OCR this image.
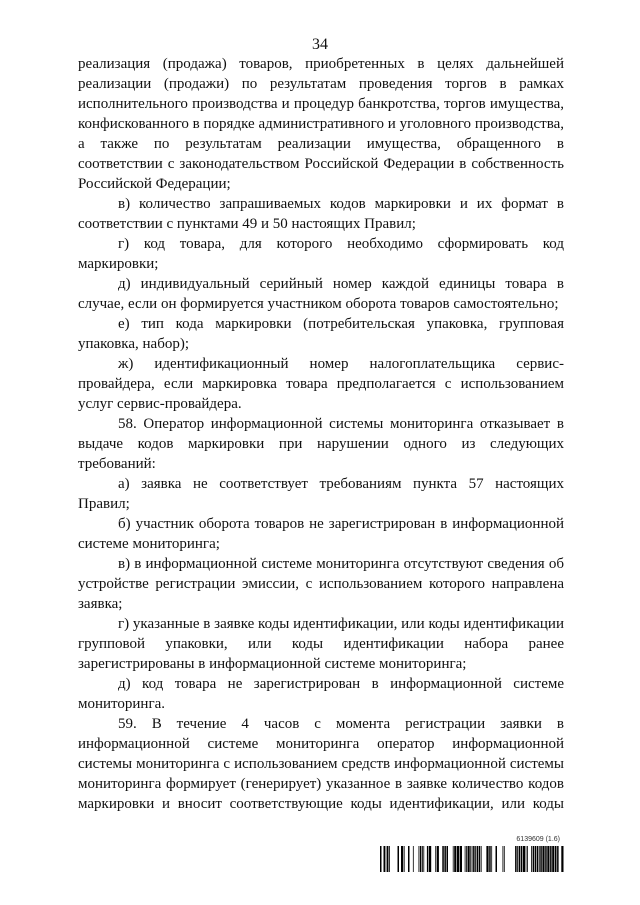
34

реализация (продажа) товаров, приобретенных в целях дальнейшей реализации (продажи) по результатам проведения торгов в рамках исполнительного производства и процедур банкротства, торгов имущества, конфискованного в порядке административного и уголовного производства, а также по результатам реализации имущества, обращенного в соответствии с законодательством Российской Федерации в собственность Российской Федерации;

в) количество запрашиваемых кодов маркировки и их формат в соответствии с пунктами 49 и 50 настоящих Правил;

г) код товара, для которого необходимо сформировать код маркировки;

д) индивидуальный серийный номер каждой единицы товара в случае, если он формируется участником оборота товаров самостоятельно;

е) тип кода маркировки (потребительская упаковка, групповая упаковка, набор);

ж) идентификационный номер налогоплательщика сервис-провайдера, если маркировка товара предполагается с использованием услуг сервис-провайдера.

58. Оператор информационной системы мониторинга отказывает в выдаче кодов маркировки при нарушении одного из следующих требований:

а) заявка не соответствует требованиям пункта 57 настоящих Правил;

б) участник оборота товаров не зарегистрирован в информационной системе мониторинга;

в) в информационной системе мониторинга отсутствуют сведения об устройстве регистрации эмиссии, с использованием которого направлена заявка;

г) указанные в заявке коды идентификации, или коды идентификации групповой упаковки, или коды идентификации набора ранее зарегистрированы в информационной системе мониторинга;

д) код товара не зарегистрирован в информационной системе мониторинга.

59. В течение 4 часов с момента регистрации заявки в информационной системе мониторинга оператор информационной системы мониторинга с использованием средств информационной системы мониторинга формирует (генерирует) указанное в заявке количество кодов маркировки и вносит соответствующие коды идентификации, или коды

6139609 (1.6)
